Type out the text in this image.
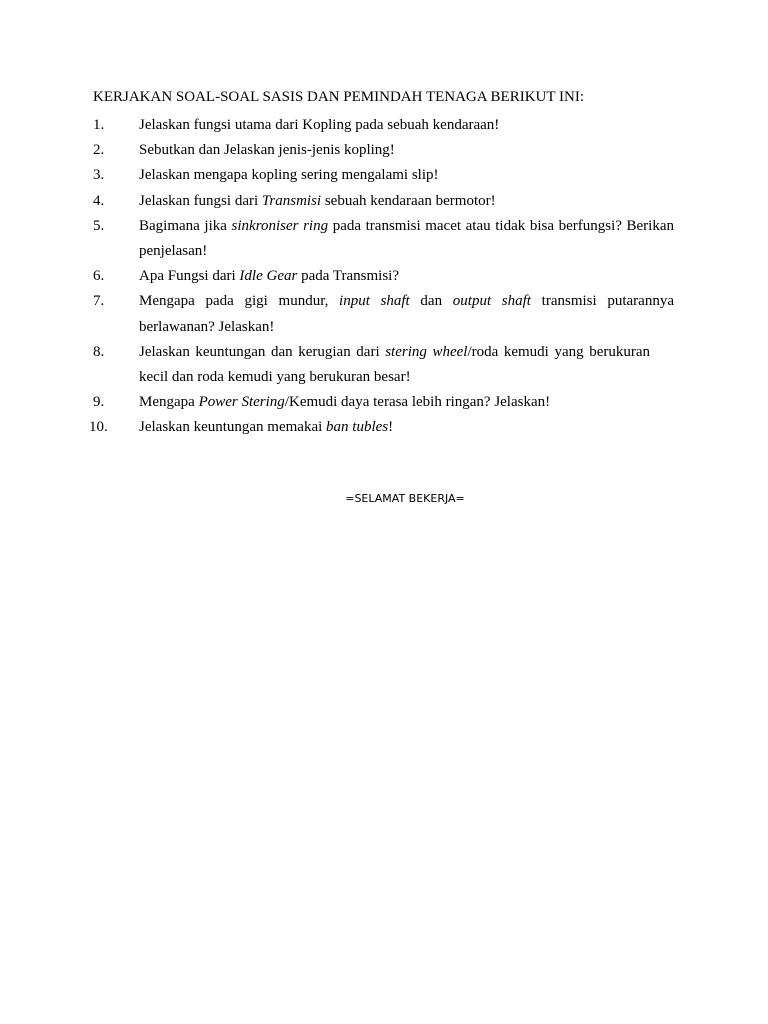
KERJAKAN SOAL-SOAL SASIS DAN PEMINDAH TENAGA BERIKUT INI:
1.	Jelaskan fungsi utama dari Kopling pada sebuah kendaraan!
2.	Sebutkan dan Jelaskan jenis-jenis kopling!
3.	Jelaskan mengapa kopling sering mengalami slip!
4.	Jelaskan fungsi dari Transmisi sebuah kendaraan bermotor!
5.	Bagimana jika sinkroniser ring pada transmisi macet atau tidak bisa berfungsi? Berikan penjelasan!
6.	Apa Fungsi dari Idle Gear pada Transmisi?
7.	Mengapa pada gigi mundur, input shaft dan output shaft transmisi putarannya berlawanan? Jelaskan!
8.	Jelaskan keuntungan dan kerugian dari stering wheel/roda kemudi yang berukuran kecil dan roda kemudi yang berukuran besar!
9.	Mengapa Power Stering/Kemudi daya terasa lebih ringan? Jelaskan!
10.	Jelaskan keuntungan memakai ban tubles!
=SELAMAT BEKERJA=
